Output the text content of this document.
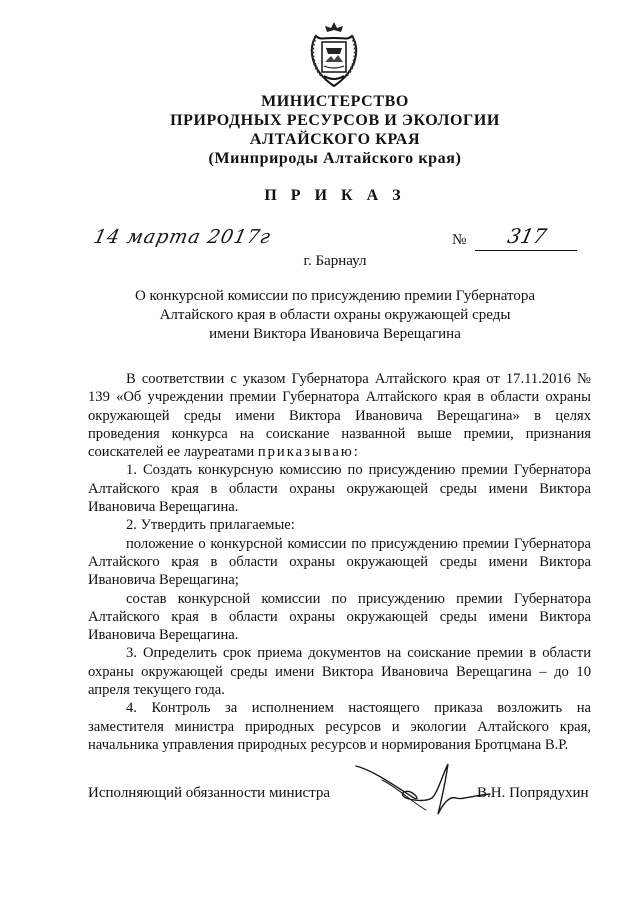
МИНИСТЕРСТВО
ПРИРОДНЫХ РЕСУРСОВ И ЭКОЛОГИИ
АЛТАЙСКОГО КРАЯ
(Минприроды Алтайского края)
П Р И К А З
14 марта 2017г	№ 317
г. Барнаул
О конкурсной комиссии по присуждению премии Губернатора
Алтайского края в области охраны окружающей среды
имени Виктора Ивановича Верещагина

В соответствии с указом Губернатора Алтайского края от 17.11.2016 № 139 «Об учреждении премии Губернатора Алтайского края в области охраны окружающей среды имени Виктора Ивановича Верещагина» в целях проведения конкурса на соискание названной выше премии, признания соискателей ее лауреатами приказываю:

1. Создать конкурсную комиссию по присуждению премии Губернатора Алтайского края в области охраны окружающей среды имени Виктора Ивановича Верещагина.

2. Утвердить прилагаемые:

положение о конкурсной комиссии по присуждению премии Губернатора Алтайского края в области охраны окружающей среды имени Виктора Ивановича Верещагина;

состав конкурсной комиссии по присуждению премии Губернатора Алтайского края в области охраны окружающей среды имени Виктора Ивановича Верещагина.

3. Определить срок приема документов на соискание премии в области охраны окружающей среды имени Виктора Ивановича Верещагина – до 10 апреля текущего года.

4. Контроль за исполнением настоящего приказа возложить на заместителя министра природных ресурсов и экологии Алтайского края, начальника управления природных ресурсов и нормирования Бротцмана В.Р.

Исполняющий обязанности министра	В.Н. Попрядухин
